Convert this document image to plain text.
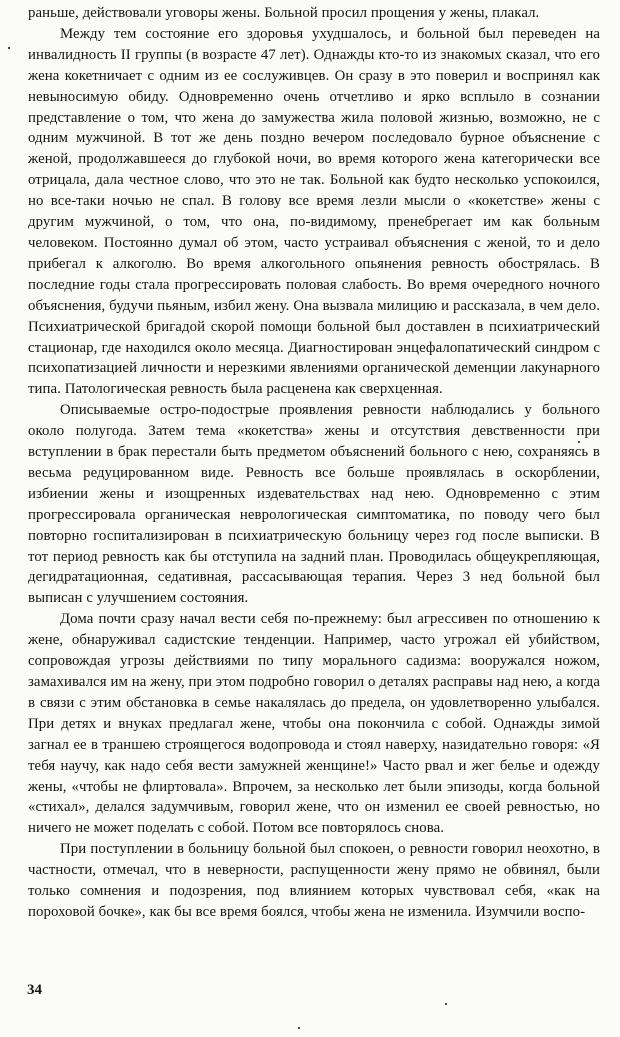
раньше, действовали уговоры жены. Больной просил прощения у жены, плакал.

Между тем состояние его здоровья ухудшалось, и больной был переведен на инвалидность II группы (в возрасте 47 лет). Однажды кто-то из знакомых сказал, что его жена кокетничает с одним из ее сослуживцев. Он сразу в это поверил и воспринял как невыносимую обиду. Одновременно очень отчетливо и ярко всплыло в сознании представление о том, что жена до замужества жила половой жизнью, возможно, не с одним мужчиной. В тот же день поздно вечером последовало бурное объяснение с женой, продолжавшееся до глубокой ночи, во время которого жена категорически все отрицала, дала честное слово, что это не так. Больной как будто несколько успокоился, но все-таки ночью не спал. В голову все время лезли мысли о «кокетстве» жены с другим мужчиной, о том, что она, по-видимому, пренебрегает им как больным человеком. Постоянно думал об этом, часто устраивал объяснения с женой, то и дело прибегал к алкоголю. Во время алкогольного опьянения ревность обострялась. В последние годы стала прогрессировать половая слабость. Во время очередного ночного объяснения, будучи пьяным, избил жену. Она вызвала милицию и рассказала, в чем дело. Психиатрической бригадой скорой помощи больной был доставлен в психиатрический стационар, где находился около месяца. Диагностирован энцефалопатический синдром с психопатизацией личности и нерезкими явлениями органической деменции лакунарного типа. Патологическая ревность была расценена как сверхценная.

Описываемые остро-подострые проявления ревности наблюдались у больного около полугода. Затем тема «кокетства» жены и отсутствия девственности при вступлении в брак перестали быть предметом объяснений больного с нею, сохраняясь в весьма редуцированном виде. Ревность все больше проявлялась в оскорблении, избиении жены и изощренных издевательствах над нею. Одновременно с этим прогрессировала органическая неврологическая симптоматика, по поводу чего был повторно госпитализирован в психиатрическую больницу через год после выписки. В тот период ревность как бы отступила на задний план. Проводилась общеукрепляющая, дегидратационная, седативная, рассасывающая терапия. Через 3 нед больной был выписан с улучшением состояния.

Дома почти сразу начал вести себя по-прежнему: был агрессивен по отношению к жене, обнаруживал садистские тенденции. Например, часто угрожал ей убийством, сопровождая угрозы действиями по типу морального садизма: вооружался ножом, замахивался им на жену, при этом подробно говорил о деталях расправы над нею, а когда в связи с этим обстановка в семье накалялась до предела, он удовлетворенно улыбался. При детях и внуках предлагал жене, чтобы она покончила с собой. Однажды зимой загнал ее в траншею строящегося водопровода и стоял наверху, назидательно говоря: «Я тебя научу, как надо себя вести замужней женщине!» Часто рвал и жег белье и одежду жены, «чтобы не флиртовала». Впрочем, за несколько лет были эпизоды, когда больной «стихал», делался задумчивым, говорил жене, что он изменил ее своей ревностью, но ничего не может поделать с собой. Потом все повторялось снова.

При поступлении в больницу больной был спокоен, о ревности говорил неохотно, в частности, отмечал, что в неверности, распущенности жену прямо не обвинял, были только сомнения и подозрения, под влиянием которых чувствовал себя, «как на пороховой бочке», как бы все время боялся, чтобы жена не изменила. Изумчили воспо-

34
